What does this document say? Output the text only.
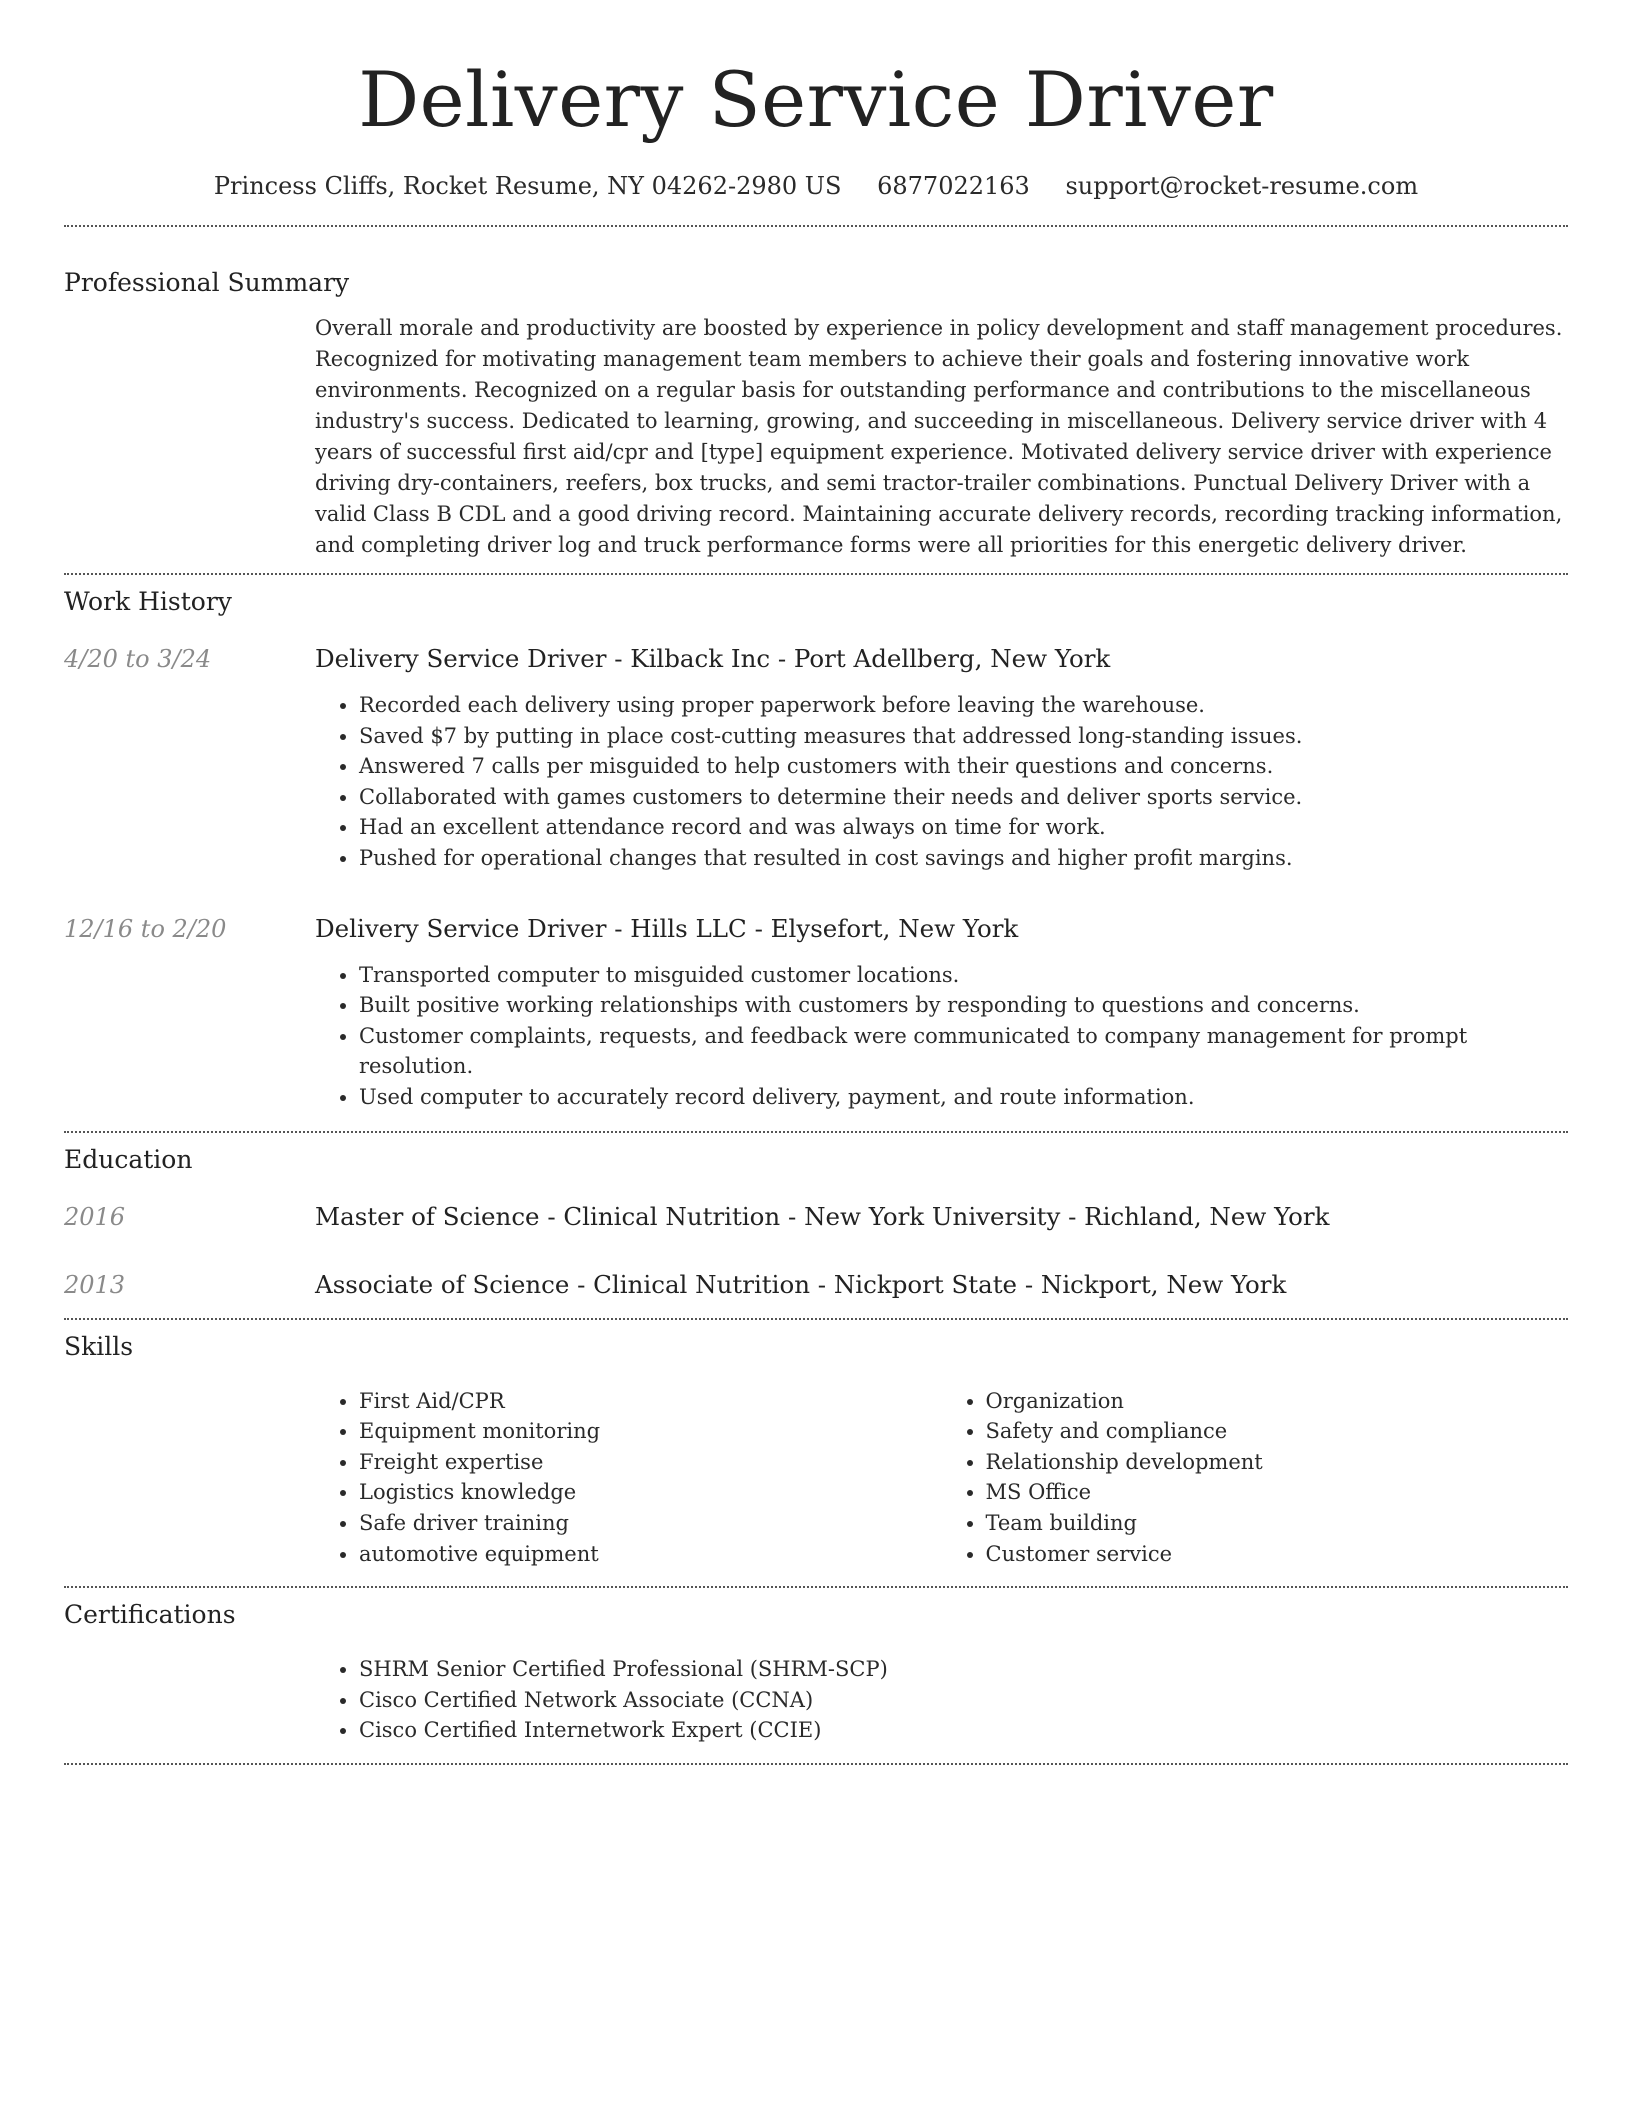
Delivery Service Driver
Princess Cliffs, Rocket Resume, NY 04262-2980 US 6877022163 support@rocket-resume.com
Professional Summary
Overall morale and productivity are boosted by experience in policy development and staff management procedures. Recognized for motivating management team members to achieve their goals and fostering innovative work environments. Recognized on a regular basis for outstanding performance and contributions to the miscellaneous industry's success. Dedicated to learning, growing, and succeeding in miscellaneous. Delivery service driver with 4 years of successful first aid/cpr and [type] equipment experience. Motivated delivery service driver with experience driving dry-containers, reefers, box trucks, and semi tractor-trailer combinations. Punctual Delivery Driver with a valid Class B CDL and a good driving record. Maintaining accurate delivery records, recording tracking information, and completing driver log and truck performance forms were all priorities for this energetic delivery driver.
Work History
4/20 to 3/24	Delivery Service Driver - Kilback Inc - Port Adellberg, New York
• Recorded each delivery using proper paperwork before leaving the warehouse.
• Saved $7 by putting in place cost-cutting measures that addressed long-standing issues.
• Answered 7 calls per misguided to help customers with their questions and concerns.
• Collaborated with games customers to determine their needs and deliver sports service.
• Had an excellent attendance record and was always on time for work.
• Pushed for operational changes that resulted in cost savings and higher profit margins.
12/16 to 2/20	Delivery Service Driver - Hills LLC - Elysefort, New York
• Transported computer to misguided customer locations.
• Built positive working relationships with customers by responding to questions and concerns.
• Customer complaints, requests, and feedback were communicated to company management for prompt resolution.
• Used computer to accurately record delivery, payment, and route information.
Education
2016	Master of Science - Clinical Nutrition - New York University - Richland, New York
2013	Associate of Science - Clinical Nutrition - Nickport State - Nickport, New York
Skills
• First Aid/CPR
• Equipment monitoring
• Freight expertise
• Logistics knowledge
• Safe driver training
• automotive equipment
• Organization
• Safety and compliance
• Relationship development
• MS Office
• Team building
• Customer service
Certifications
• SHRM Senior Certified Professional (SHRM-SCP)
• Cisco Certified Network Associate (CCNA)
• Cisco Certified Internetwork Expert (CCIE)
